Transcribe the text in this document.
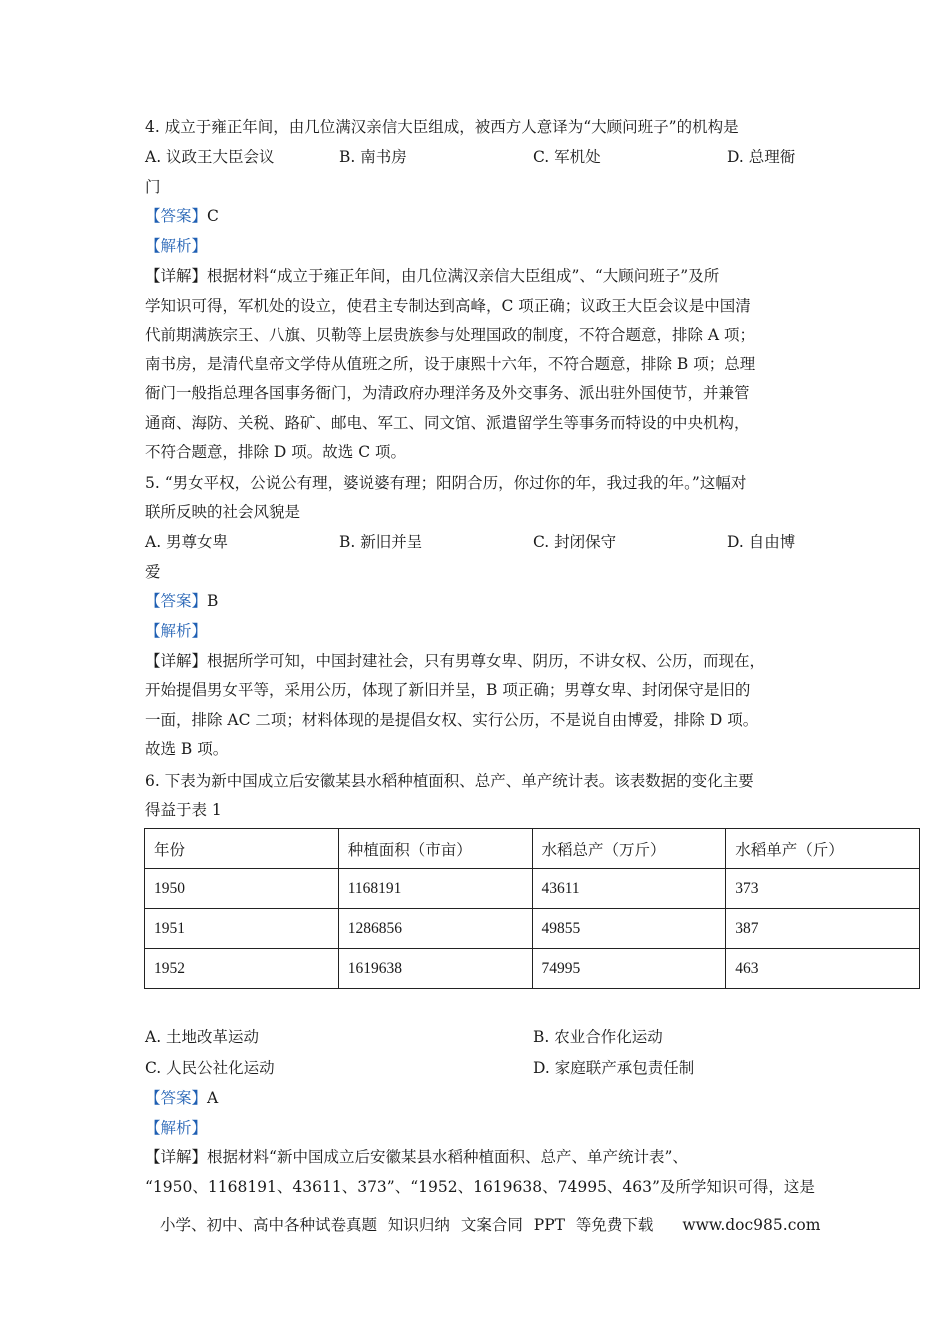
4. 成立于雍正年间，由几位满汉亲信大臣组成，被西方人意译为“大顾问班子”的机构是
A. 议政王大臣会议	B. 南书房	C. 军机处	D. 总理衙
门
【答案】C
【解析】
【详解】根据材料“成立于雍正年间，由几位满汉亲信大臣组成”、“大顾问班子”及所
学知识可得，军机处的设立，使君主专制达到高峰，C 项正确；议政王大臣会议是中国清
代前期满族宗王、八旗、贝勒等上层贵族参与处理国政的制度，不符合题意，排除 A 项；
南书房，是清代皇帝文学侍从值班之所，设于康熙十六年，不符合题意，排除 B 项；总理
衙门一般指总理各国事务衙门，为清政府办理洋务及外交事务、派出驻外国使节，并兼管
通商、海防、关税、路矿、邮电、军工、同文馆、派遣留学生等事务而特设的中央机构，
不符合题意，排除 D 项。故选 C 项。
5. “男女平权，公说公有理，婆说婆有理；阳阴合历，你过你的年，我过我的年。”这幅对
联所反映的社会风貌是
A. 男尊女卑	B. 新旧并呈	C. 封闭保守	D. 自由博
爱
【答案】B
【解析】
【详解】根据所学可知，中国封建社会，只有男尊女卑、阴历，不讲女权、公历，而现在，
开始提倡男女平等，采用公历，体现了新旧并呈，B 项正确；男尊女卑、封闭保守是旧的
一面，排除 AC 二项；材料体现的是提倡女权、实行公历，不是说自由博爱，排除 D 项。
故选 B 项。
6. 下表为新中国成立后安徽某县水稻种植面积、总产、单产统计表。该表数据的变化主要
得益于表 1
年份	种植面积（市亩）	水稻总产（万斤）	水稻单产（斤）
1950	1168191	43611	373
1951	1286856	49855	387
1952	1619638	74995	463
A. 土地改革运动	B. 农业合作化运动
C. 人民公社化运动	D. 家庭联产承包责任制
【答案】A
【解析】
【详解】根据材料“新中国成立后安徽某县水稻种植面积、总产、单产统计表”、
“1950、1168191、43611、373”、“1952、1619638、74995、463”及所学知识可得，这是
小学、初中、高中各种试卷真题 知识归纳 文案合同 PPT 等免费下载 www.doc985.com
